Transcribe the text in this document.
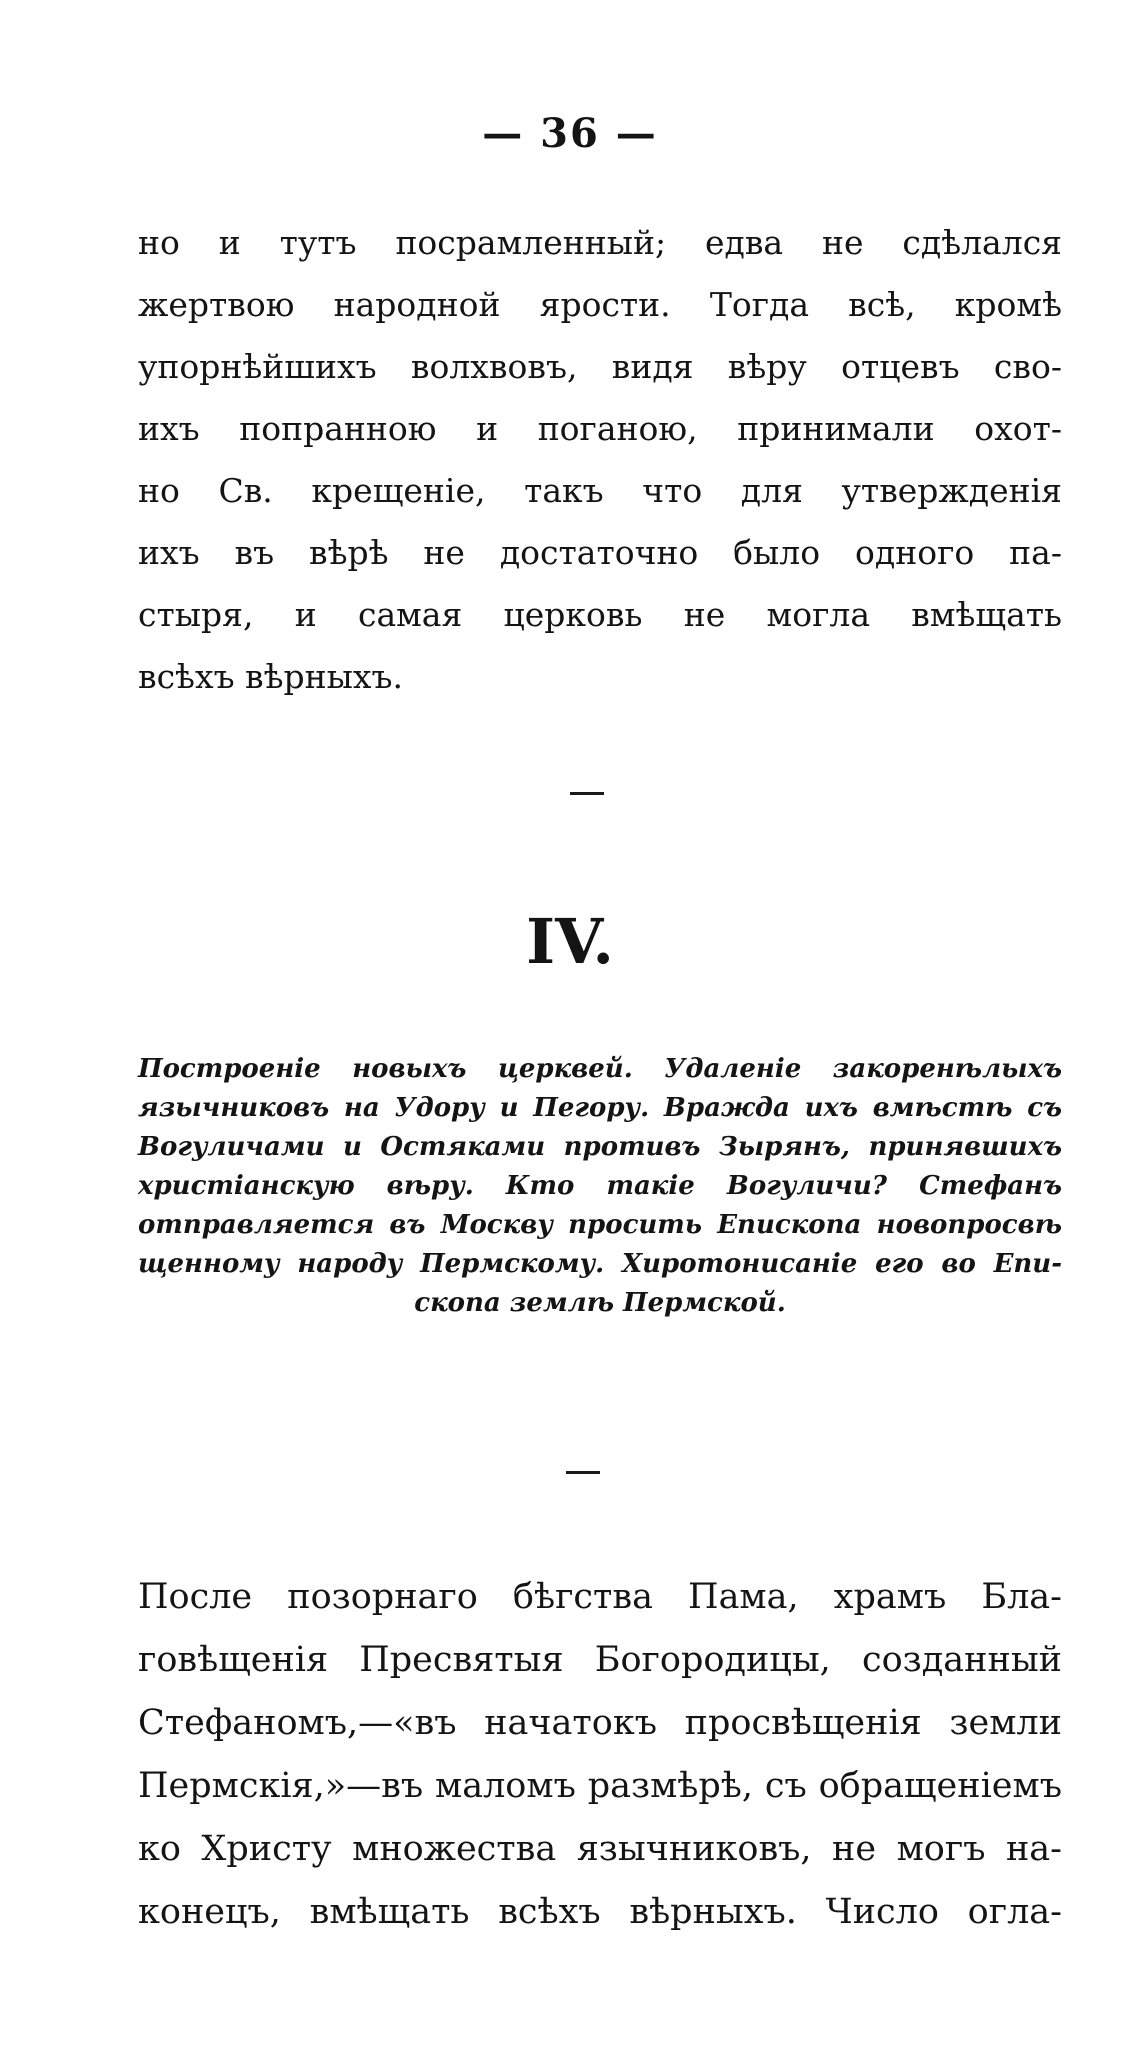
— 36 —
но и тутъ посрамленный; едва не сдѣлался
жертвою народной ярости. Тогда всѣ, кромѣ
упорнѣйшихъ волхвовъ, видя вѣру отцевъ сво-
ихъ попранною и поганою, принимали охот-
но Св. крещеніе, такъ что для утвержденія
ихъ въ вѣрѣ не достаточно было одного па-
стыря, и самая церковь не могла вмѣщать
всѣхъ вѣрныхъ.
IV.
Построеніе новыхъ церквей. Удаленіе закоренѣлыхъ
язычниковъ на Удору и Пегору. Вражда ихъ вмѣстѣ съ
Вогуличами и Остяками противъ Зырянъ, принявшихъ
христіанскую вѣру. Кто такіе Вогуличи? Стефанъ
отправляется въ Москву просить Епископа новопросвѣ
щенному народу Пермскому. Хиротонисаніе его во Епи-
скопа землѣ Пермской.
После позорнаго бѣгства Пама, храмъ Бла-
говѣщенія Пресвятыя Богородицы, созданный
Стефаномъ,—«въ начатокъ просвѣщенія земли
Пермскія,»—въ маломъ размѣрѣ, съ обращеніемъ
ко Христу множества язычниковъ, не могъ на-
конецъ, вмѣщать всѣхъ вѣрныхъ. Число огла-
